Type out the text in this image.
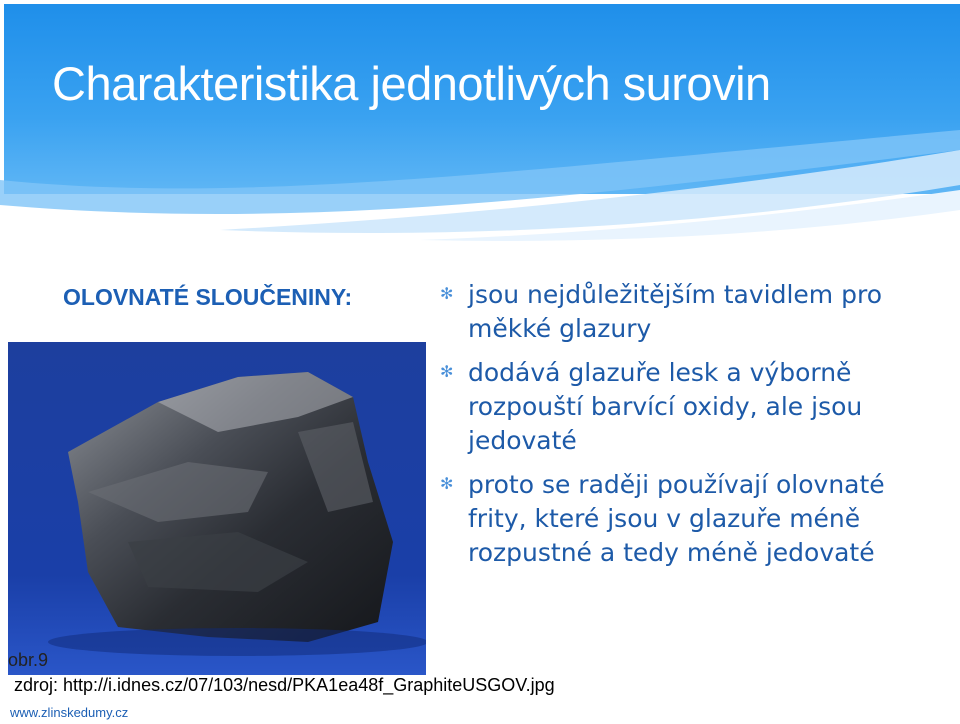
Charakteristika jednotlivých surovin
OLOVNATÉ SLOUČENINY:	✻ jsou nejdůležitějším tavidlem pro měkké glazury
✻ dodává glazuře lesk a výborně rozpouští barvící oxidy, ale jsou jedovaté
✻ proto se raději používají olovnaté frity, které jsou v glazuře méně rozpustné a tedy méně jedovaté
obr.9
zdroj: http://i.idnes.cz/07/103/nesd/PKA1ea48f_GraphiteUSGOV.jpg
www.zlinskedumy.cz
